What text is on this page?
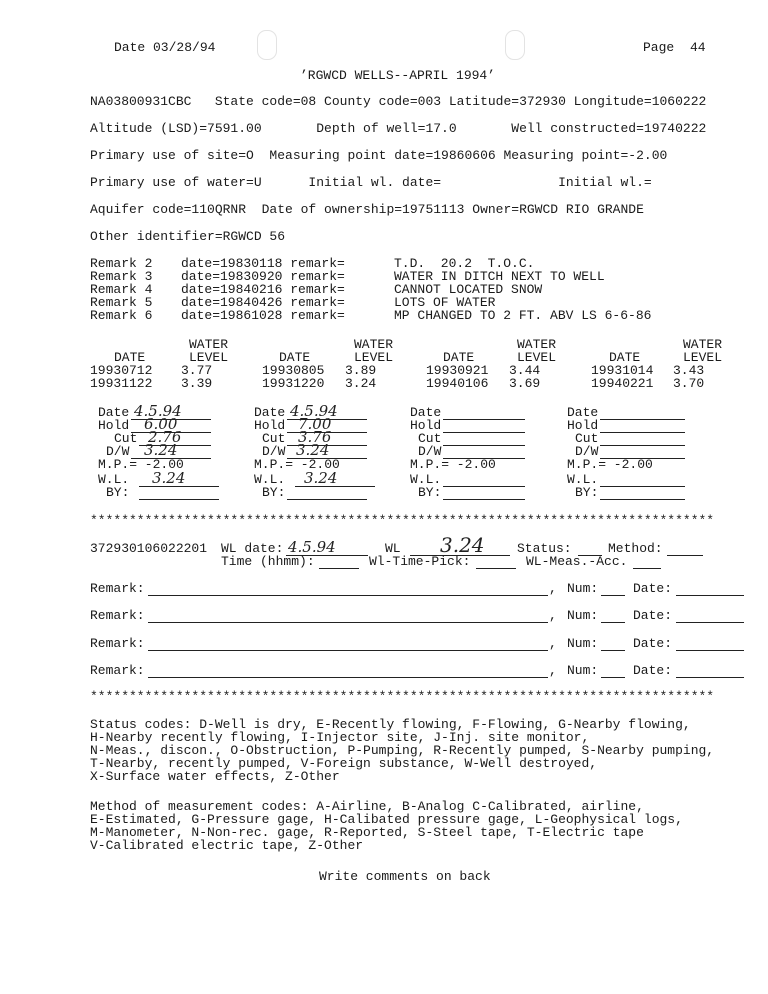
Date 03/28/94	Page 44
’RGWCD WELLS--APRIL 1994’
NA03800931CBC   State code=08 County code=003 Latitude=372930 Longitude=1060222
Altitude (LSD)=7591.00       Depth of well=17.0       Well constructed=19740222
Primary use of site=O  Measuring point date=19860606 Measuring point=-2.00
Primary use of water=U      Initial wl. date=               Initial wl.=
Aquifer code=110QRNR  Date of ownership=19751113 Owner=RGWCD RIO GRANDE
Other identifier=RGWCD 56
Remark 2 date=19830118 remark=	T.D.  20.2  T.O.C.
Remark 3 date=19830920 remark=	WATER IN DITCH NEXT TO WELL
Remark 4 date=19840216 remark=	CANNOT LOCATED SNOW
Remark 5 date=19840426 remark=	LOTS OF WATER
Remark 6 date=19861028 remark=	MP CHANGED TO 2 FT. ABV LS 6-6-86
WATER	WATER	WATER	WATER
DATE	LEVEL	DATE	LEVEL	DATE	LEVEL	DATE	LEVEL
19930712 3.77	19930805 3.89	19930921 3.44	19931014 3.43
19931122 3.39	19931220 3.24	19940106 3.69	19940221 3.70
Date 4.5.94
Hold 6.00
Cut 2.76
D/W 3.24
M.P.= -2.00
W.L. 3.24
BY:
Date 4.5.94
Hold 7.00
Cut 3.76
D/W 3.24
M.P.= -2.00
W.L. 3.24
BY:
Date
Hold
Cut
D/W
M.P.= -2.00
W.L.
BY:
Date
Hold
Cut
D/W
M.P.= -2.00
W.L.
BY:
********************************************************************************
372930106022201 WL date: 4.5.94	WL 3.24 Status:	Method:
Time (hhmm):	Wl-Time-Pick:	WL-Meas.-Acc.
Remark:	, Num:	Date:
Remark:	, Num:	Date:
Remark:	, Num:	Date:
Remark:	, Num:	Date:
********************************************************************************
Status codes: D-Well is dry, E-Recently flowing, F-Flowing, G-Nearby flowing,
H-Nearby recently flowing, I-Injector site, J-Inj. site monitor,
N-Meas., discon., O-Obstruction, P-Pumping, R-Recently pumped, S-Nearby pumping,
T-Nearby, recently pumped, V-Foreign substance, W-Well destroyed,
X-Surface water effects, Z-Other
Method of measurement codes: A-Airline, B-Analog C-Calibrated, airline,
E-Estimated, G-Pressure gage, H-Calibated pressure gage, L-Geophysical logs,
M-Manometer, N-Non-rec. gage, R-Reported, S-Steel tape, T-Electric tape
V-Calibrated electric tape, Z-Other
Write comments on back
